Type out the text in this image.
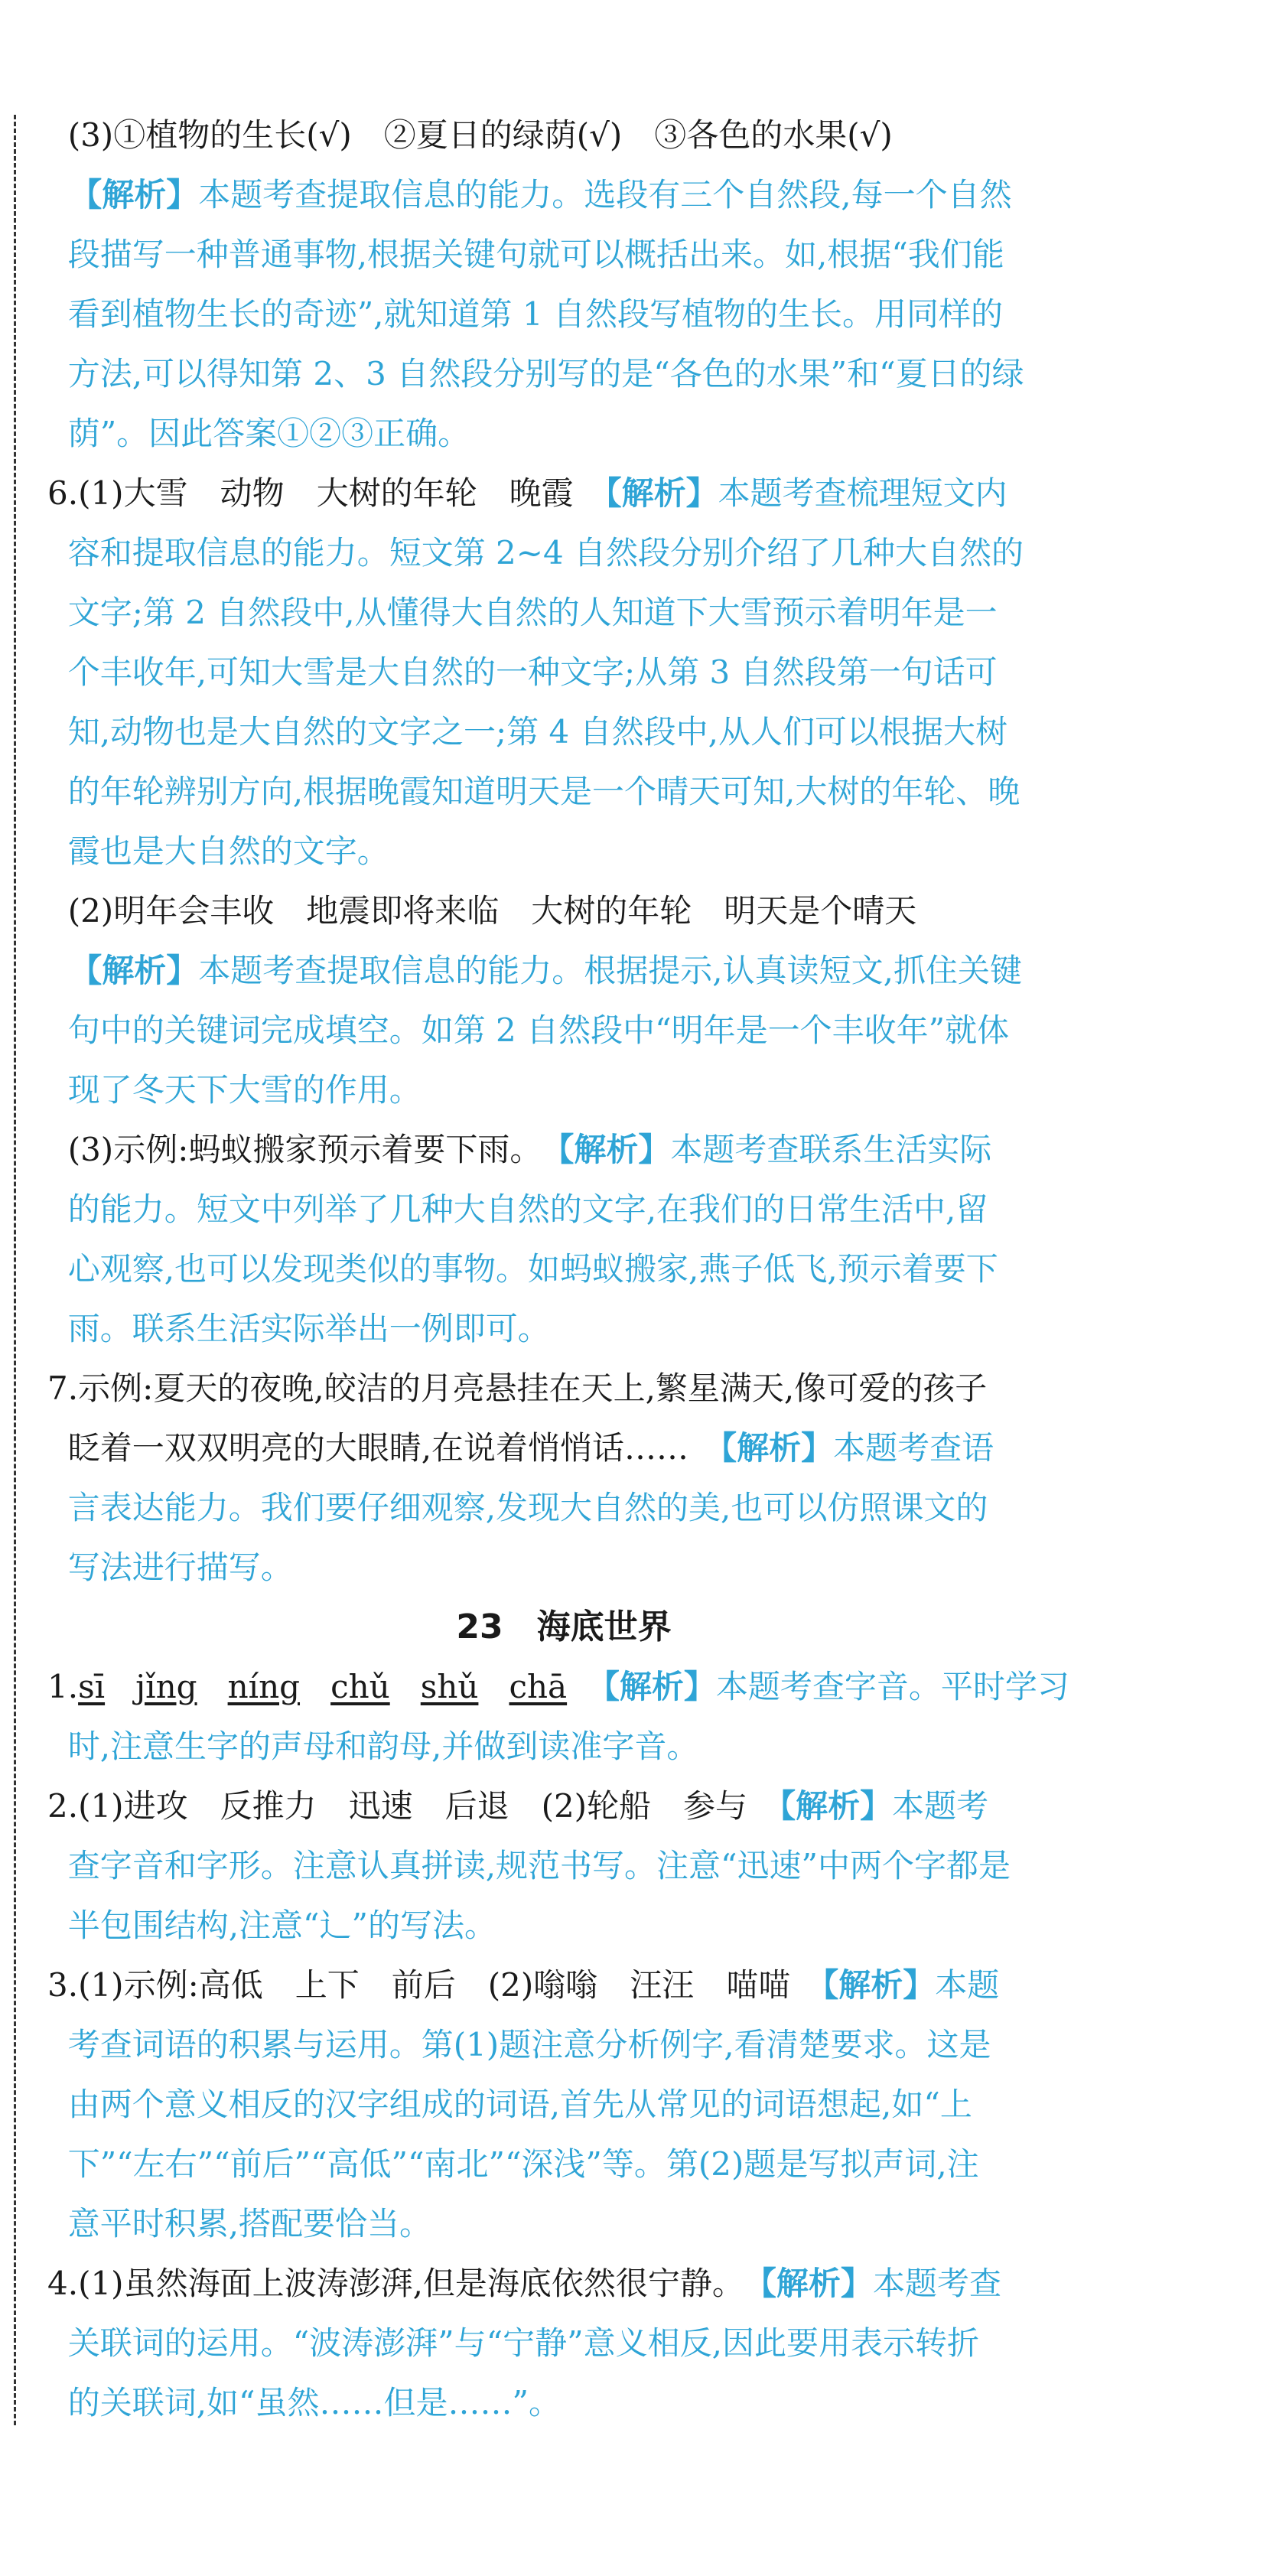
(3)①植物的生长(√)　②夏日的绿荫(√)　③各色的水果(√)
【解析】本题考查提取信息的能力。选段有三个自然段,每一个自然
段描写一种普通事物,根据关键句就可以概括出来。如,根据“我们能
看到植物生长的奇迹”,就知道第 1 自然段写植物的生长。用同样的
方法,可以得知第 2、3 自然段分别写的是“各色的水果”和“夏日的绿
荫”。因此答案①②③正确。
6.(1)大雪　动物　大树的年轮　晚霞　【解析】本题考查梳理短文内
容和提取信息的能力。短文第 2~4 自然段分别介绍了几种大自然的
文字;第 2 自然段中,从懂得大自然的人知道下大雪预示着明年是一
个丰收年,可知大雪是大自然的一种文字;从第 3 自然段第一句话可
知,动物也是大自然的文字之一;第 4 自然段中,从人们可以根据大树
的年轮辨别方向,根据晚霞知道明天是一个晴天可知,大树的年轮、晚
霞也是大自然的文字。
(2)明年会丰收　地震即将来临　大树的年轮　明天是个晴天
【解析】本题考查提取信息的能力。根据提示,认真读短文,抓住关键
句中的关键词完成填空。如第 2 自然段中“明年是一个丰收年”就体
现了冬天下大雪的作用。
(3)示例:蚂蚁搬家预示着要下雨。　【解析】本题考查联系生活实际
的能力。短文中列举了几种大自然的文字,在我们的日常生活中,留
心观察,也可以发现类似的事物。如蚂蚁搬家,燕子低飞,预示着要下
雨。联系生活实际举出一例即可。
7.示例:夏天的夜晚,皎洁的月亮悬挂在天上,繁星满天,像可爱的孩子
眨着一双双明亮的大眼睛,在说着悄悄话……　【解析】本题考查语
言表达能力。我们要仔细观察,发现大自然的美,也可以仿照课文的
写法进行描写。
23　海底世界
1.sī jǐng níng chǔ shǔ chā 【解析】本题考查字音。平时学习
时,注意生字的声母和韵母,并做到读准字音。
2.(1)进攻　反推力　迅速　后退　(2)轮船　参与　【解析】本题考
查字音和字形。注意认真拼读,规范书写。注意“迅速”中两个字都是
半包围结构,注意“辶”的写法。
3.(1)示例:高低　上下　前后　(2)嗡嗡　汪汪　喵喵　【解析】本题
考查词语的积累与运用。第(1)题注意分析例字,看清楚要求。这是
由两个意义相反的汉字组成的词语,首先从常见的词语想起,如“上
下”“左右”“前后”“高低”“南北”“深浅”等。第(2)题是写拟声词,注
意平时积累,搭配要恰当。
4.(1)虽然海面上波涛澎湃,但是海底依然很宁静。　【解析】本题考查
关联词的运用。“波涛澎湃”与“宁静”意义相反,因此要用表示转折
的关联词,如“虽然……但是……”。
